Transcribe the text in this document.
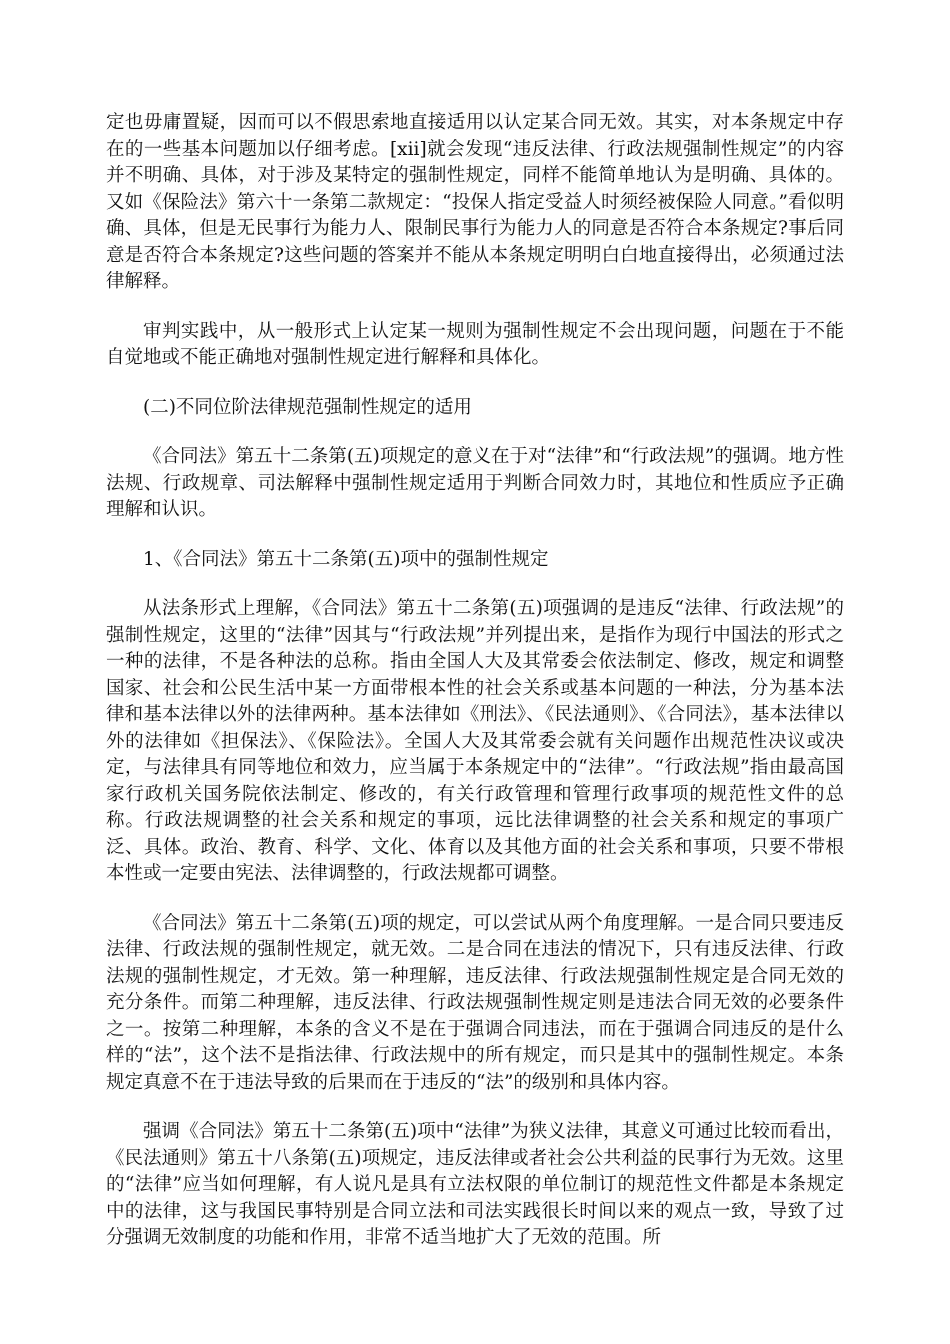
定也毋庸置疑，因而可以不假思索地直接适用以认定某合同无效。其实，对本条规定中存在的一些基本问题加以仔细考虑。[xii]就会发现“违反法律、行政法规强制性规定”的内容并不明确、具体，对于涉及某特定的强制性规定，同样不能简单地认为是明确、具体的。又如《保险法》第六十一条第二款规定：“投保人指定受益人时须经被保险人同意。”看似明确、具体，但是无民事行为能力人、限制民事行为能力人的同意是否符合本条规定?事后同意是否符合本条规定?这些问题的答案并不能从本条规定明明白白地直接得出，必须通过法律解释。

审判实践中，从一般形式上认定某一规则为强制性规定不会出现问题，问题在于不能自觉地或不能正确地对强制性规定进行解释和具体化。

(二)不同位阶法律规范强制性规定的适用

《合同法》第五十二条第(五)项规定的意义在于对“法律”和“行政法规”的强调。地方性法规、行政规章、司法解释中强制性规定适用于判断合同效力时，其地位和性质应予正确理解和认识。

1、《合同法》第五十二条第(五)项中的强制性规定

从法条形式上理解，《合同法》第五十二条第(五)项强调的是违反“法律、行政法规”的强制性规定，这里的“法律”因其与“行政法规”并列提出来，是指作为现行中国法的形式之一种的法律，不是各种法的总称。指由全国人大及其常委会依法制定、修改，规定和调整国家、社会和公民生活中某一方面带根本性的社会关系或基本问题的一种法，分为基本法律和基本法律以外的法律两种。基本法律如《刑法》、《民法通则》、《合同法》，基本法律以外的法律如《担保法》、《保险法》。全国人大及其常委会就有关问题作出规范性决议或决定，与法律具有同等地位和效力，应当属于本条规定中的“法律”。“行政法规”指由最高国家行政机关国务院依法制定、修改的，有关行政管理和管理行政事项的规范性文件的总称。行政法规调整的社会关系和规定的事项，远比法律调整的社会关系和规定的事项广泛、具体。政治、教育、科学、文化、体育以及其他方面的社会关系和事项，只要不带根本性或一定要由宪法、法律调整的，行政法规都可调整。

《合同法》第五十二条第(五)项的规定，可以尝试从两个角度理解。一是合同只要违反法律、行政法规的强制性规定，就无效。二是合同在违法的情况下，只有违反法律、行政法规的强制性规定，才无效。第一种理解，违反法律、行政法规强制性规定是合同无效的充分条件。而第二种理解，违反法律、行政法规强制性规定则是违法合同无效的必要条件之一。按第二种理解，本条的含义不是在于强调合同违法，而在于强调合同违反的是什么样的“法”，这个法不是指法律、行政法规中的所有规定，而只是其中的强制性规定。本条规定真意不在于违法导致的后果而在于违反的“法”的级别和具体内容。

强调《合同法》第五十二条第(五)项中“法律”为狭义法律，其意义可通过比较而看出，《民法通则》第五十八条第(五)项规定，违反法律或者社会公共利益的民事行为无效。这里的“法律”应当如何理解，有人说凡是具有立法权限的单位制订的规范性文件都是本条规定中的法律，这与我国民事特别是合同立法和司法实践很长时间以来的观点一致，导致了过分强调无效制度的功能和作用，非常不适当地扩大了无效的范围。所
